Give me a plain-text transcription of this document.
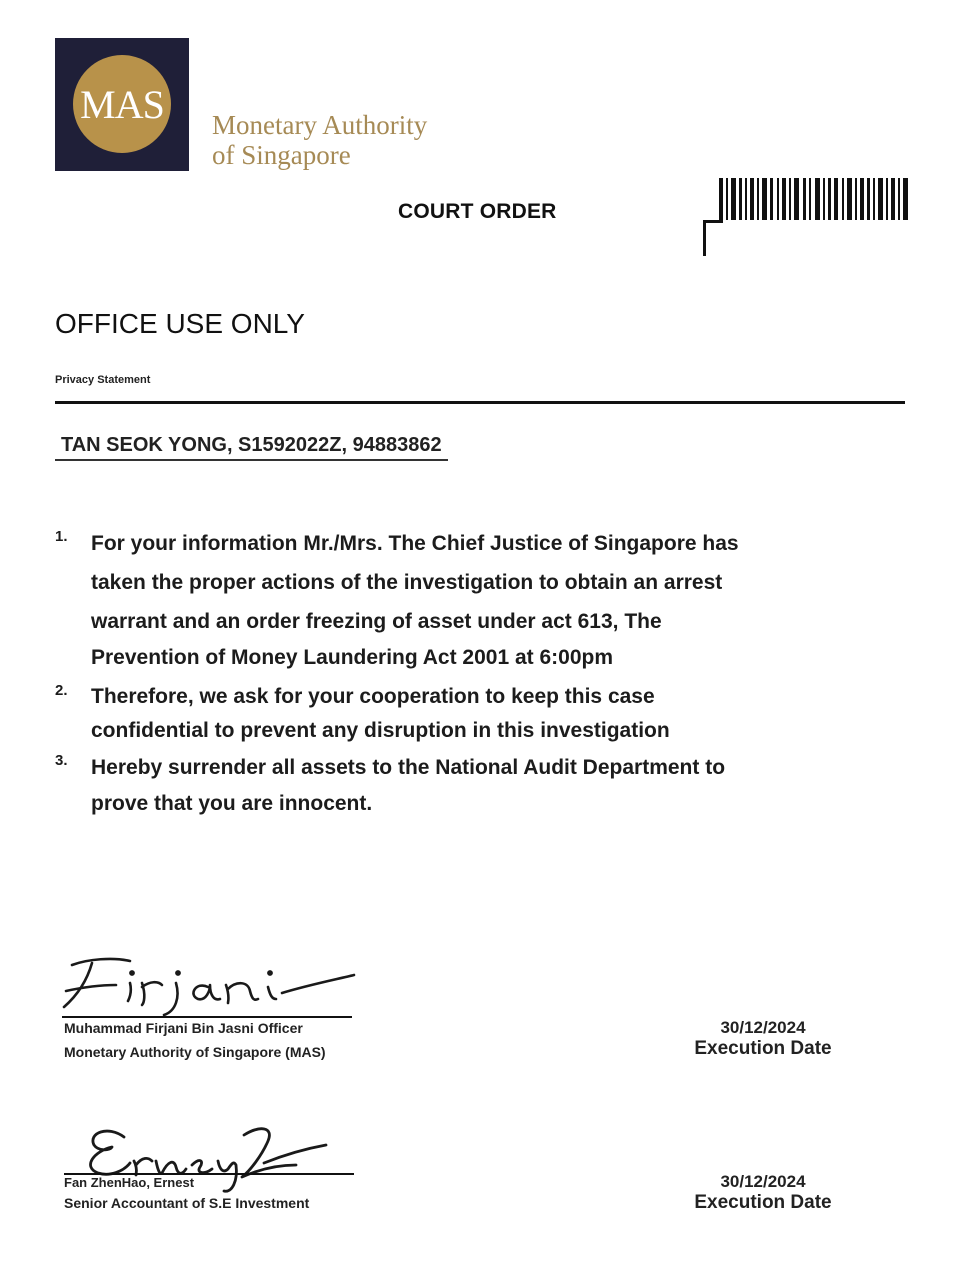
MAS Monetary Authority
of Singapore
COURT ORDER
OFFICE USE ONLY
Privacy Statement
TAN SEOK YONG, S1592022Z, 94883862
1. For your information Mr./Mrs. The Chief Justice of Singapore has

taken the proper actions of the investigation to obtain an arrest

warrant and an order freezing of asset under act 613, The

Prevention of Money Laundering Act 2001 at 6:00pm

2. Therefore, we ask for your cooperation to keep this case

confidential to prevent any disruption in this investigation

3. Hereby surrender all assets to the National Audit Department to

prove that you are innocent.

Muhammad Firjani Bin Jasni Officer
Monetary Authority of Singapore (MAS)
30/12/2024
Execution Date
Fan ZhenHao, Ernest
Senior Accountant of S.E Investment
30/12/2024
Execution Date
